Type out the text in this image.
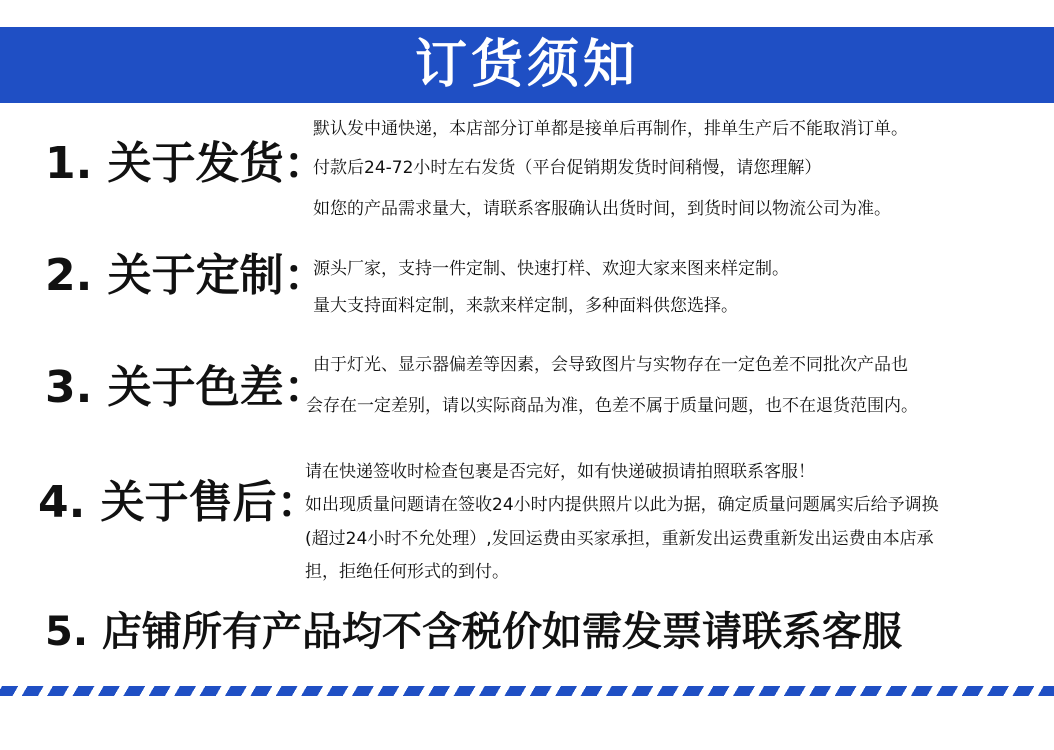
订货须知
1. 关于发货：
默认发中通快递，本店部分订单都是接单后再制作，排单生产后不能取消订单。
付款后24-72小时左右发货（平台促销期发货时间稍慢，请您理解）
如您的产品需求量大，请联系客服确认出货时间，到货时间以物流公司为准。
2. 关于定制：
源头厂家，支持一件定制、快速打样、欢迎大家来图来样定制。
量大支持面料定制，来款来样定制，多种面料供您选择。
3. 关于色差：
由于灯光、显示器偏差等因素，会导致图片与实物存在一定色差不同批次产品也
会存在一定差别，请以实际商品为准，色差不属于质量问题，也不在退货范围内。
4. 关于售后：
请在快递签收时检查包裹是否完好，如有快递破损请拍照联系客服！
如出现质量问题请在签收24小时内提供照片以此为据，确定质量问题属实后给予调换
(超过24小时不允处理）,发回运费由买家承担，重新发出运费重新发出运费由本店承
担，拒绝任何形式的到付。
5. 店铺所有产品均不含税价如需发票请联系客服
